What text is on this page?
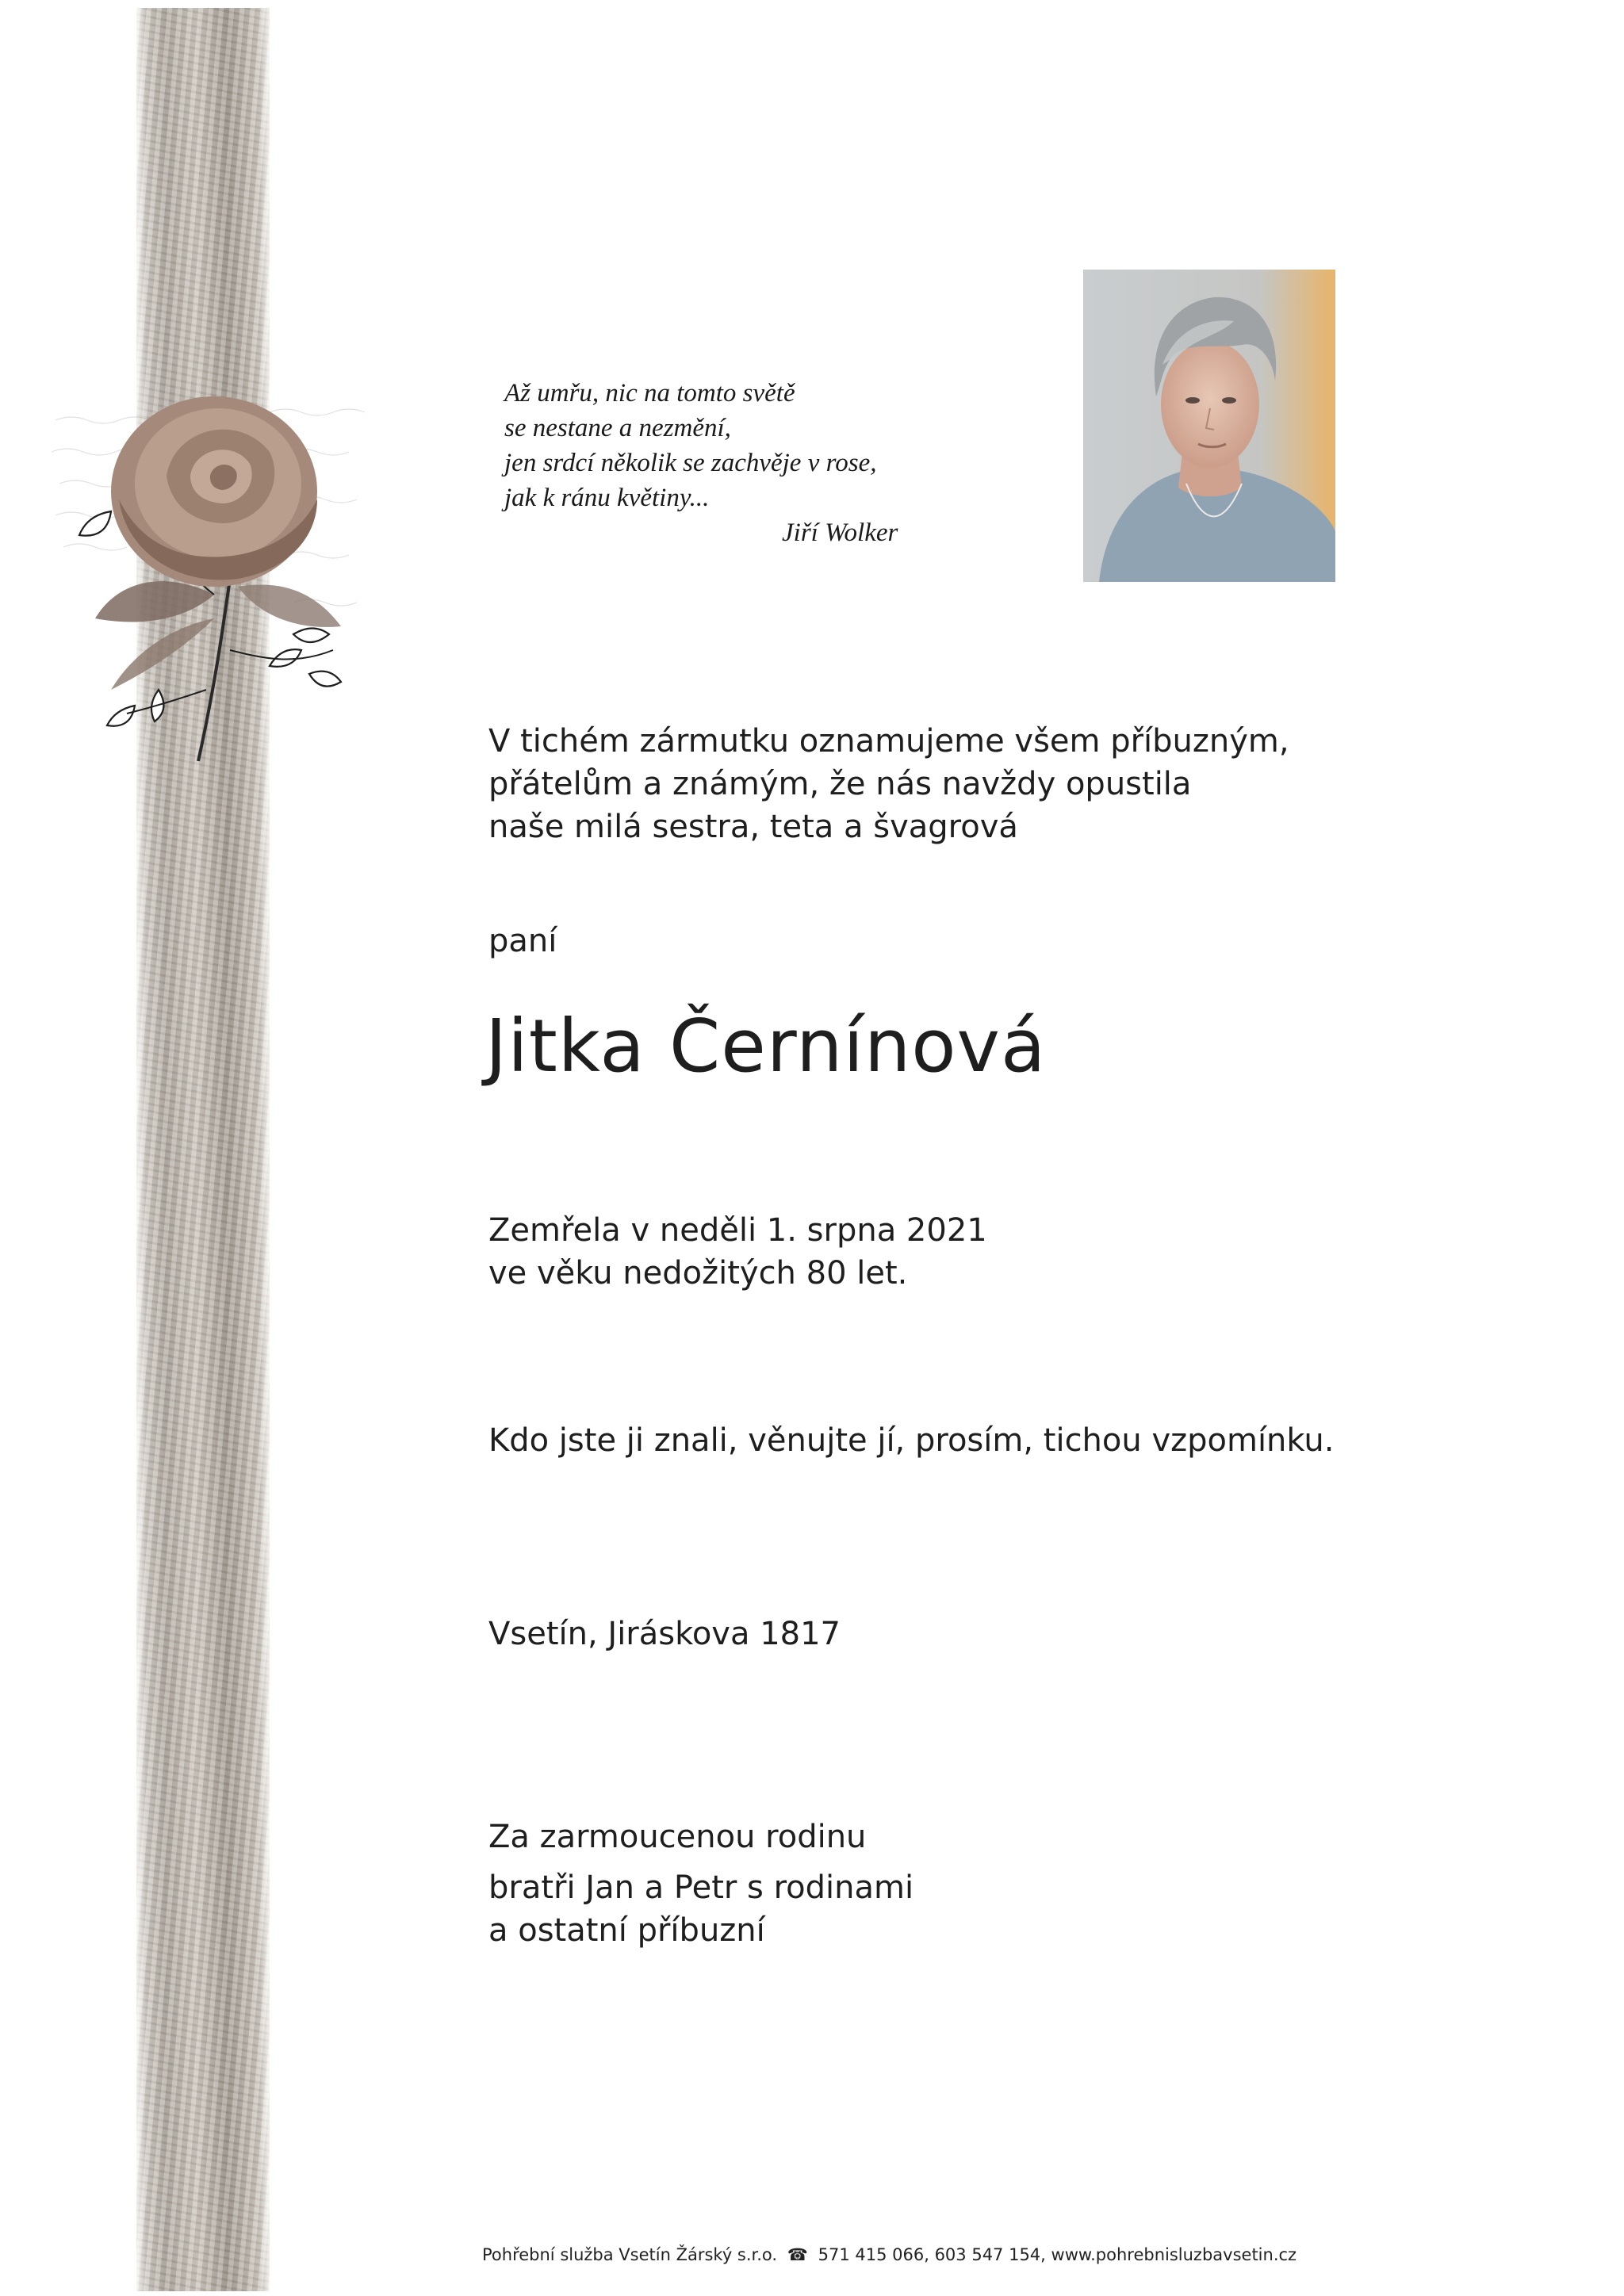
Až umřu, nic na tomto světě
se nestane a nezmění,
jen srdcí několik se zachvěje v rose,
jak k ránu květiny...
Jiří Wolker
V tichém zármutku oznamujeme všem příbuzným,
přátelům a známým, že nás navždy opustila
naše milá sestra, teta a švagrová
paní
Jitka Černínová
Zemřela v neděli 1. srpna 2021
ve věku nedožitých 80 let.
Kdo jste ji znali, věnujte jí, prosím, tichou vzpomínku.
Vsetín, Jiráskova 1817
Za zarmoucenou rodinu
bratři Jan a Petr s rodinami
a ostatní příbuzní
Pohřební služba Vsetín Žárský s.r.o. ☎ 571 415 066, 603 547 154, www.pohrebnisluzbavsetin.cz
